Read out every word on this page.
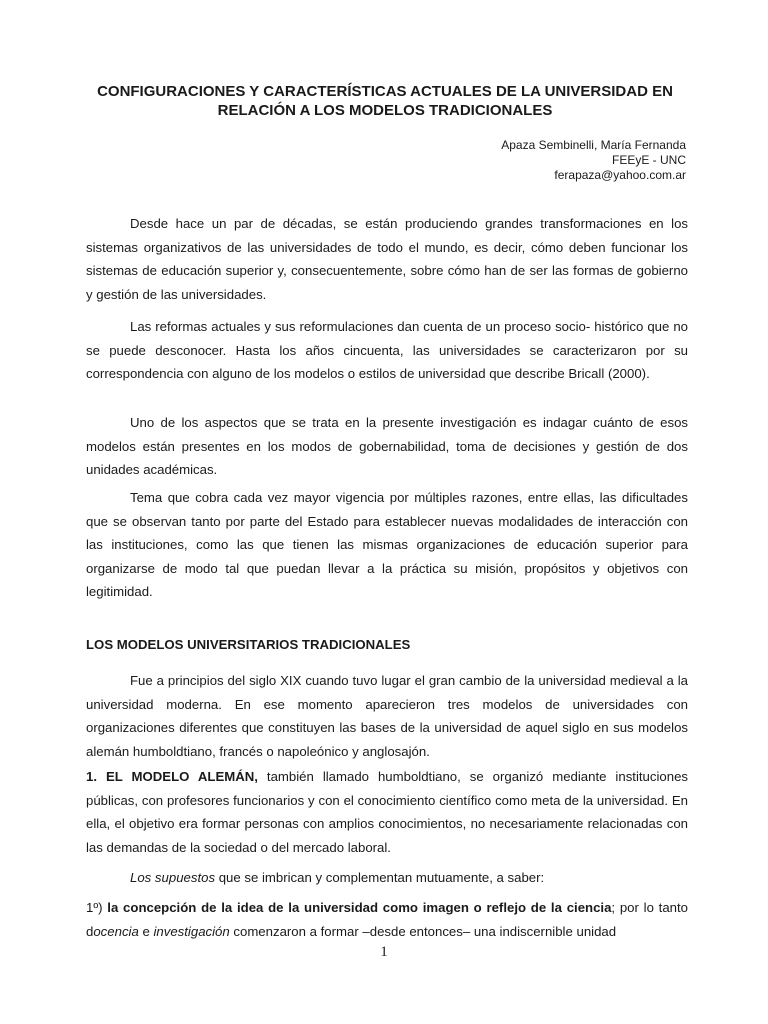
CONFIGURACIONES Y CARACTERÍSTICAS ACTUALES DE LA UNIVERSIDAD EN
RELACIÓN A LOS MODELOS TRADICIONALES
Apaza Sembinelli, María Fernanda
FEEyE - UNC
ferapaza@yahoo.com.ar

Desde hace un par de décadas, se están produciendo grandes transformaciones en los sistemas organizativos de las universidades de todo el mundo, es decir, cómo deben funcionar los sistemas de educación superior y, consecuentemente, sobre cómo han de ser las formas de gobierno y gestión de las universidades.

Las reformas actuales y sus reformulaciones dan cuenta de un proceso socio- histórico que no se puede desconocer. Hasta los años cincuenta, las universidades se caracterizaron por su correspondencia con alguno de los modelos o estilos de universidad que describe Bricall (2000).

Uno de los aspectos que se trata en la presente investigación es indagar cuánto de esos modelos están presentes en los modos de gobernabilidad, toma de decisiones y gestión de dos unidades académicas.

Tema que cobra cada vez mayor vigencia por múltiples razones, entre ellas, las dificultades que se observan tanto por parte del Estado para establecer nuevas modalidades de interacción con las instituciones, como las que tienen las mismas organizaciones de educación superior para organizarse de modo tal que puedan llevar a la práctica su misión, propósitos y objetivos con legitimidad.

LOS MODELOS UNIVERSITARIOS TRADICIONALES

Fue a principios del siglo XIX cuando tuvo lugar el gran cambio de la universidad medieval a la universidad moderna. En ese momento aparecieron tres modelos de universidades con organizaciones diferentes que constituyen las bases de la universidad de aquel siglo en sus modelos alemán humboldtiano, francés o napoleónico y anglosajón.

1. EL MODELO ALEMÁN, también llamado humboldtiano, se organizó mediante instituciones públicas, con profesores funcionarios y con el conocimiento científico como meta de la universidad. En ella, el objetivo era formar personas con amplios conocimientos, no necesariamente relacionadas con las demandas de la sociedad o del mercado laboral.

Los supuestos que se imbrican y complementan mutuamente, a saber:

1º) la concepción de la idea de la universidad como imagen o reflejo de la ciencia; por lo tanto docencia e investigación comenzaron a formar –desde entonces– una indiscernible unidad

1
